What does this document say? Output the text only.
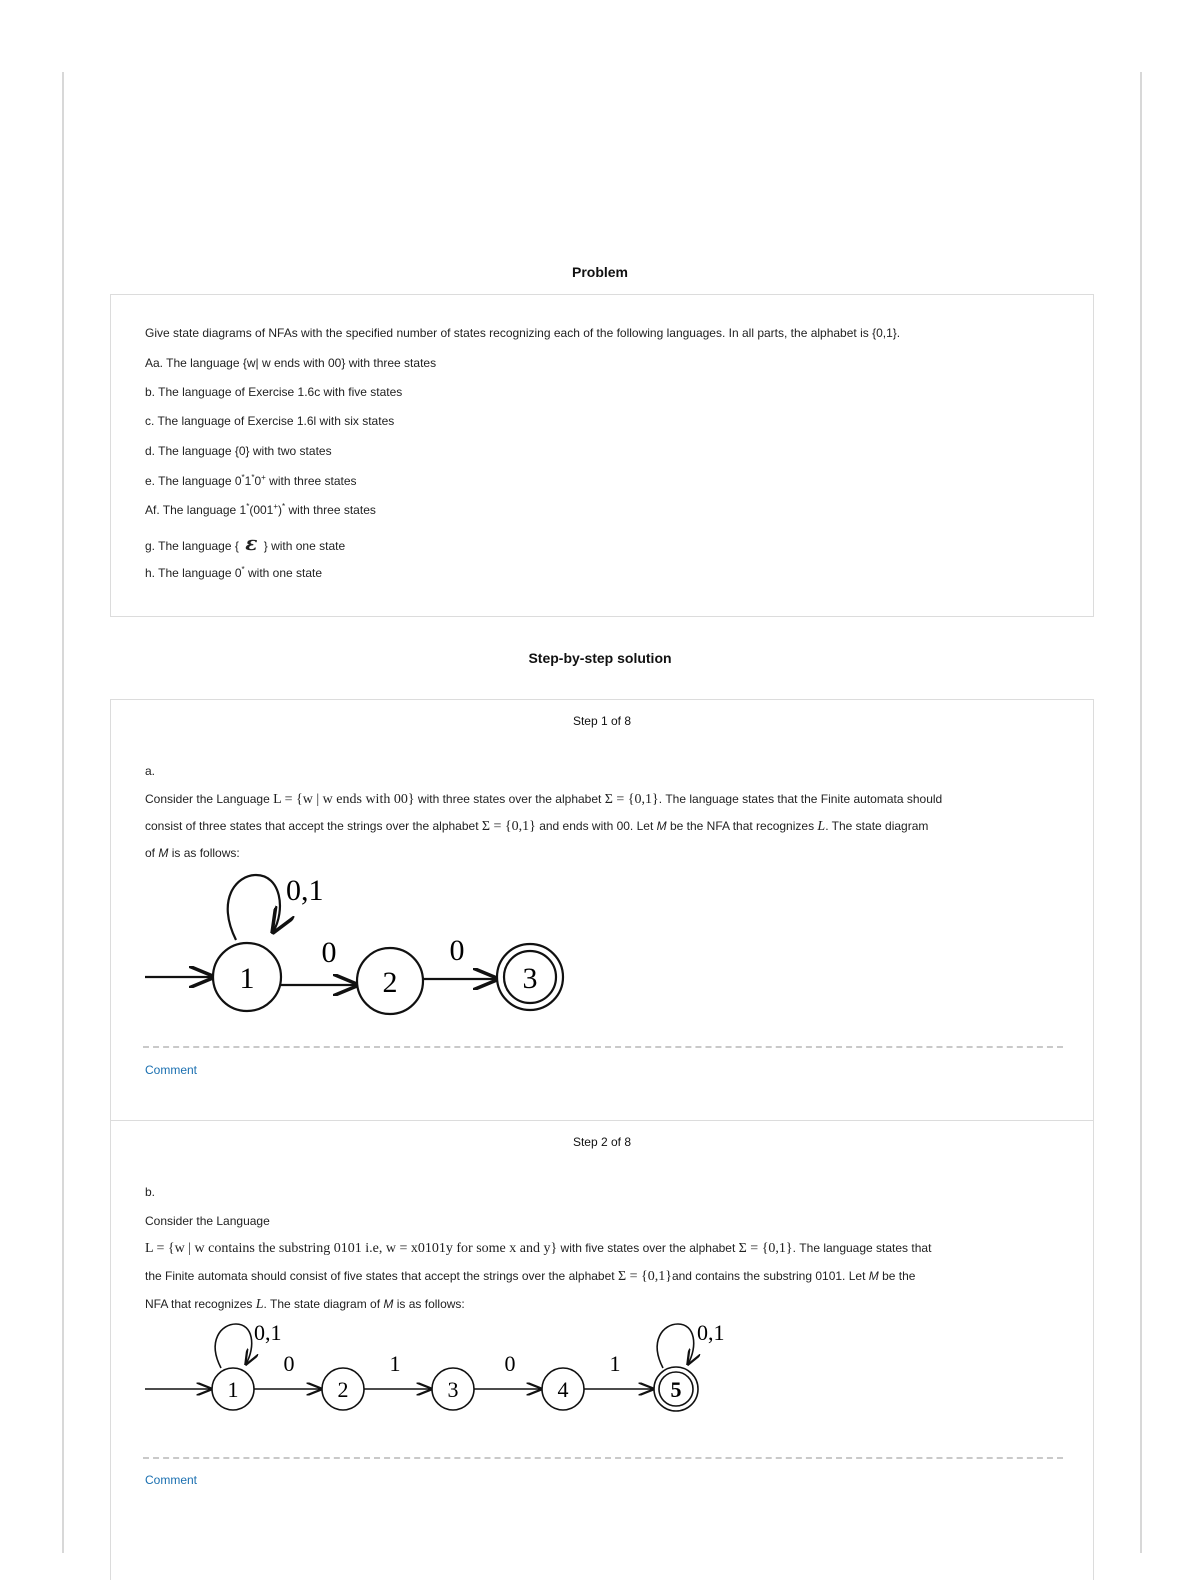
Problem
Give state diagrams of NFAs with the specified number of states recognizing each of the following languages. In all parts, the alphabet is {0,1}.
Aa. The language {w| w ends with 00} with three states
b. The language of Exercise 1.6c with five states
c. The language of Exercise 1.6l with six states
d. The language {0} with two states
e. The language 0*1*0+ with three states
Af. The language 1*(001+)* with three states
g. The language { ε } with one state
h. The language 0* with one state
Step-by-step solution
Step 1 of 8
a.
Consider the Language L = {w | w ends with 00} with three states over the alphabet Σ = {0,1}. The language states that the Finite automata should
consist of three states that accept the strings over the alphabet Σ = {0,1} and ends with 00. Let M be the NFA that recognizes L. The state diagram
of M is as follows:
0,1
1
0
2
0
3
Comment
Step 2 of 8
b.
Consider the Language
L = {w | w contains the substring 0101 i.e, w = x0101y for some x and y} with five states over the alphabet Σ = {0,1}. The language states that
the Finite automata should consist of five states that accept the strings over the alphabet Σ = {0,1}and contains the substring 0101. Let M be the
NFA that recognizes L. The state diagram of M is as follows:
0,1
1
0
2
1
3
0
4
1
0,1
5
Comment
